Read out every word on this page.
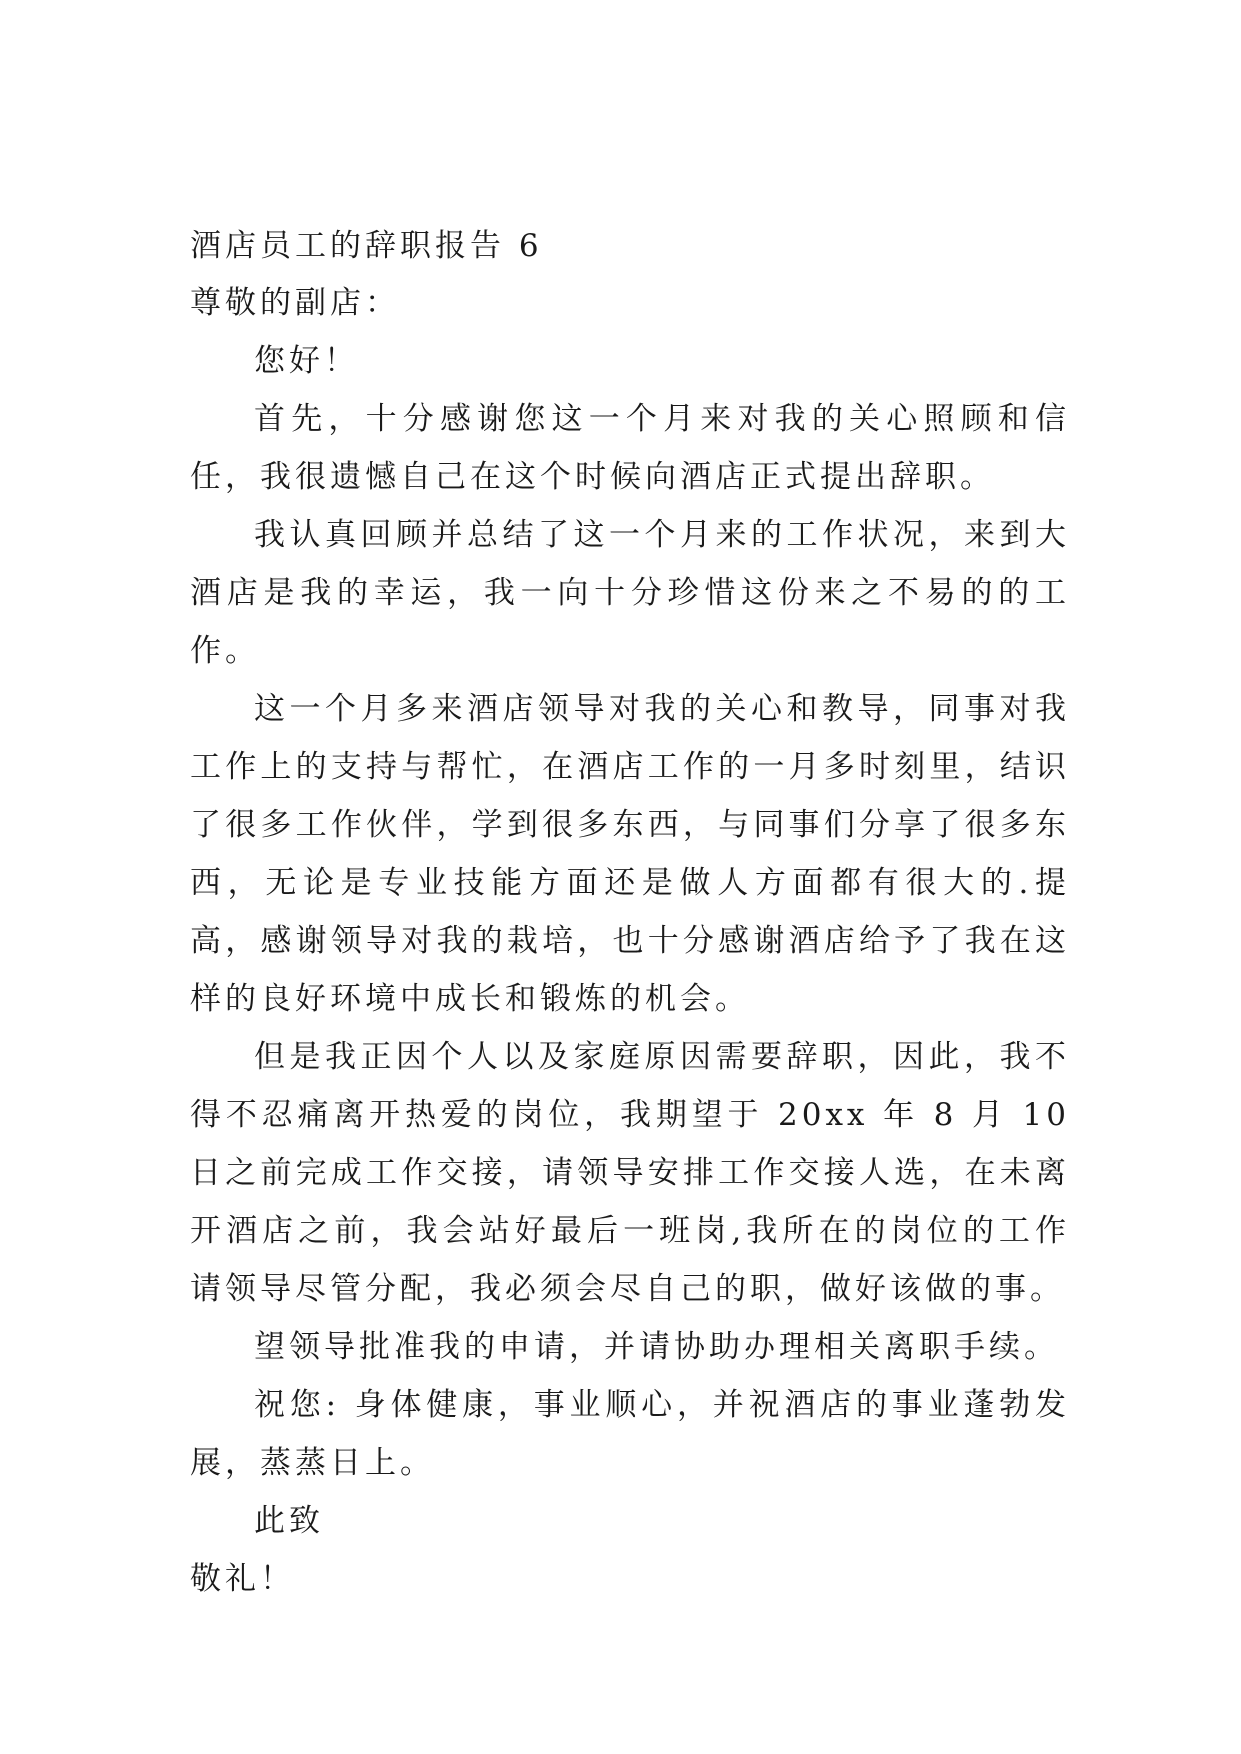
酒店员工的辞职报告 6

尊敬的副店：

您好！

首先，十分感谢您这一个月来对我的关心照顾和信任，我很遗憾自己在这个时候向酒店正式提出辞职。

我认真回顾并总结了这一个月来的工作状况，来到大酒店是我的幸运，我一向十分珍惜这份来之不易的的工作。

这一个月多来酒店领导对我的关心和教导，同事对我工作上的支持与帮忙，在酒店工作的一月多时刻里，结识了很多工作伙伴，学到很多东西，与同事们分享了很多东西，无论是专业技能方面还是做人方面都有很大的.提高，感谢领导对我的栽培，也十分感谢酒店给予了我在这样的良好环境中成长和锻炼的机会。

但是我正因个人以及家庭原因需要辞职，因此，我不得不忍痛离开热爱的岗位，我期望于 20xx 年 8 月 10 日之前完成工作交接，请领导安排工作交接人选，在未离开酒店之前，我会站好最后一班岗,我所在的岗位的工作请领导尽管分配，我必须会尽自己的职，做好该做的事。

望领导批准我的申请，并请协助办理相关离职手续。

祝您: 身体健康，事业顺心，并祝酒店的事业蓬勃发展，蒸蒸日上。

此致

敬礼！
